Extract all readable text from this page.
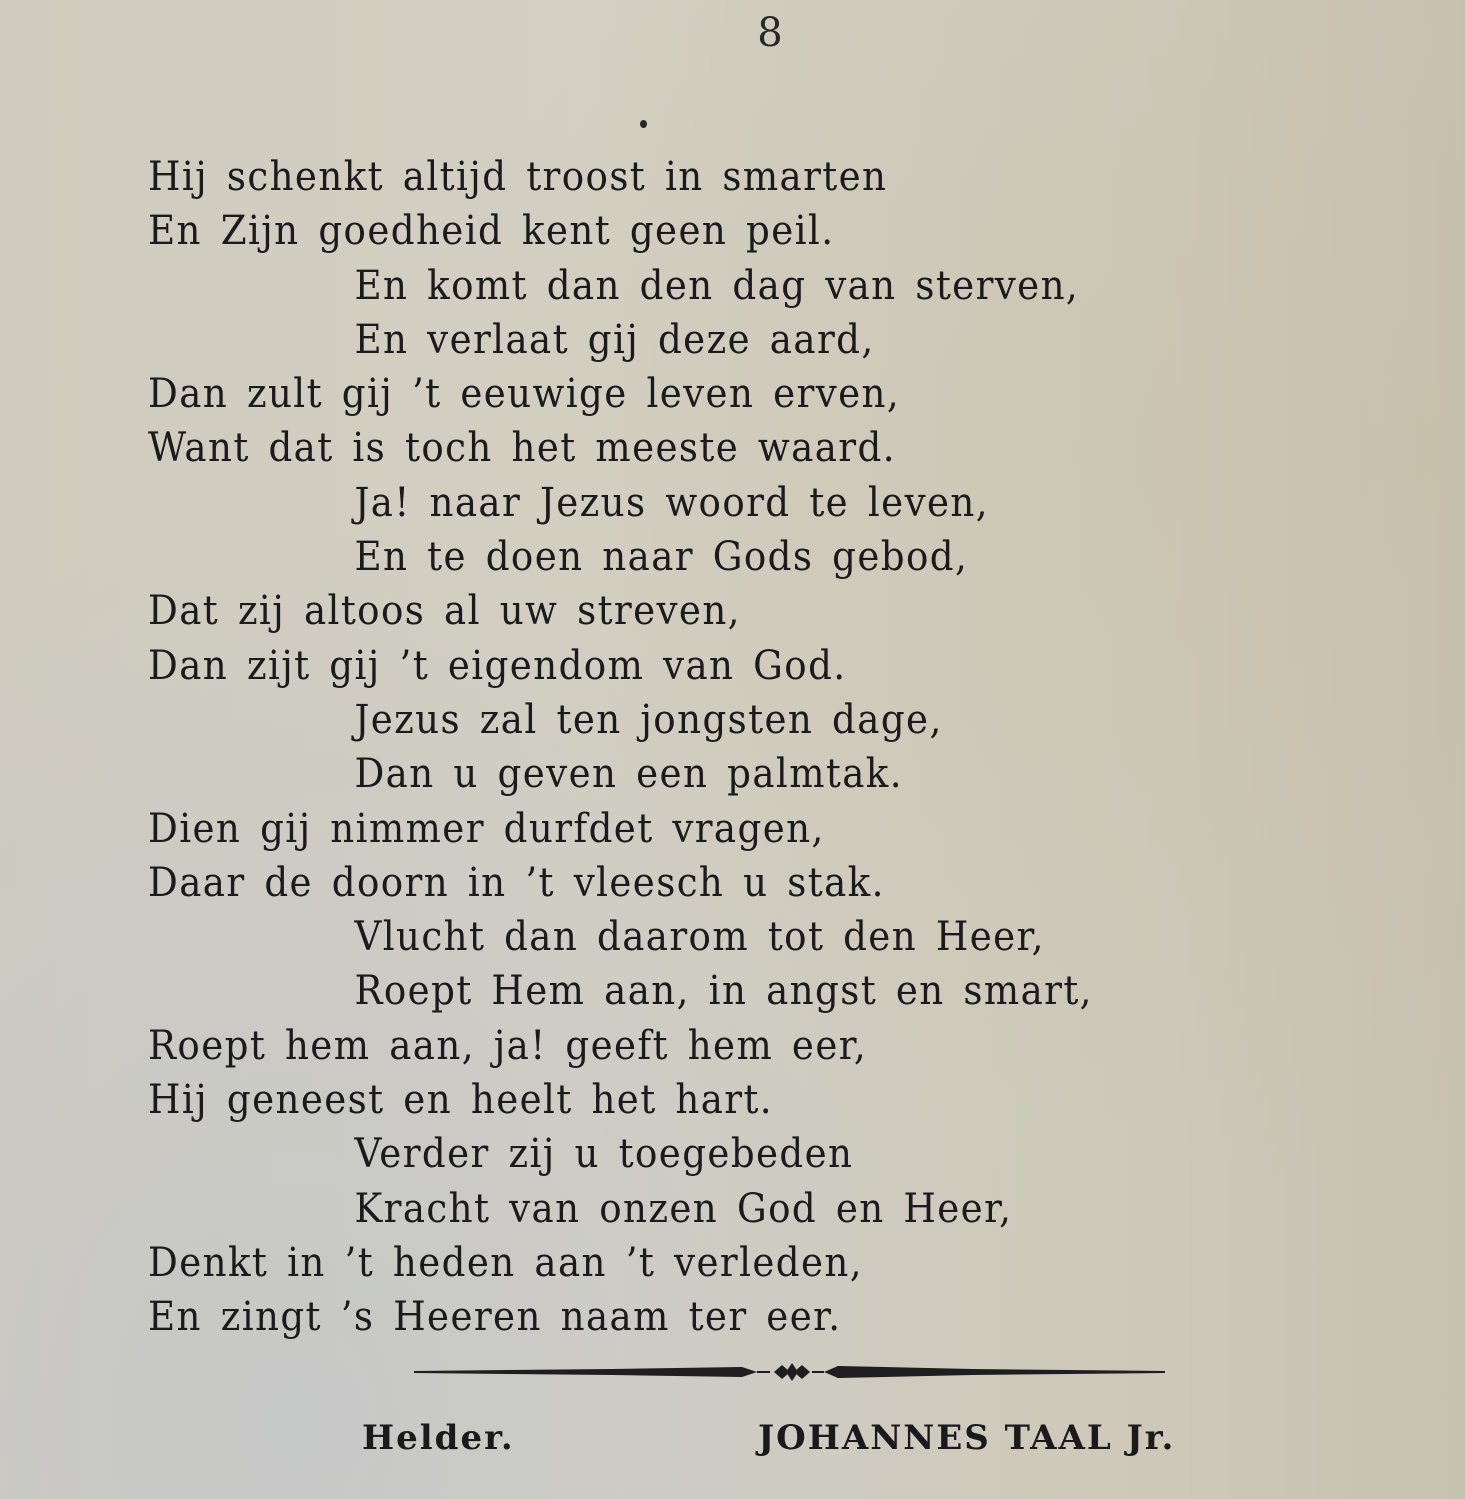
8
Hij schenkt altijd troost in smarten
En Zijn goedheid kent geen peil.
En komt dan den dag van sterven,
En verlaat gij deze aard,
Dan zult gij ’t eeuwige leven erven,
Want dat is toch het meeste waard.
Ja! naar Jezus woord te leven,
En te doen naar Gods gebod,
Dat zij altoos al uw streven,
Dan zijt gij ’t eigendom van God.
Jezus zal ten jongsten dage,
Dan u geven een palmtak.
Dien gij nimmer durfdet vragen,
Daar de doorn in ’t vleesch u stak.
Vlucht dan daarom tot den Heer,
Roept Hem aan, in angst en smart,
Roept hem aan, ja! geeft hem eer,
Hij geneest en heelt het hart.
Verder zij u toegebeden
Kracht van onzen God en Heer,
Denkt in ’t heden aan ’t verleden,
En zingt ’s Heeren naam ter eer.
Helder.	JOHANNES TAAL Jr.
